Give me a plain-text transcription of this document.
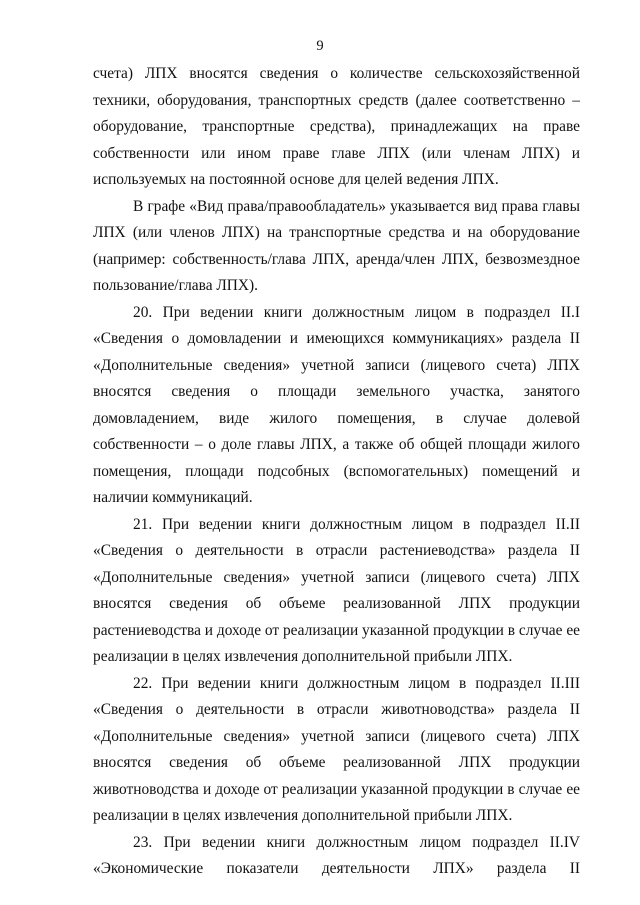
9

счета) ЛПХ вносятся сведения о количестве сельскохозяйственной техники, оборудования, транспортных средств (далее соответственно – оборудование, транспортные средства), принадлежащих на праве собственности или ином праве главе ЛПХ (или членам ЛПХ) и используемых на постоянной основе для целей ведения ЛПХ.

В графе «Вид права/правообладатель» указывается вид права главы ЛПХ (или членов ЛПХ) на транспортные средства и на оборудование (например: собственность/глава ЛПХ, аренда/член ЛПХ, безвозмездное пользование/глава ЛПХ).

20. При ведении книги должностным лицом в подраздел II.I «Сведения о домовладении и имеющихся коммуникациях» раздела II «Дополнительные сведения» учетной записи (лицевого счета) ЛПХ вносятся сведения о площади земельного участка, занятого домовладением, виде жилого помещения, в случае долевой собственности – о доле главы ЛПХ, а также об общей площади жилого помещения, площади подсобных (вспомогательных) помещений и наличии коммуникаций.

21. При ведении книги должностным лицом в подраздел II.II «Сведения о деятельности в отрасли растениеводства» раздела II «Дополнительные сведения» учетной записи (лицевого счета) ЛПХ вносятся сведения об объеме реализованной ЛПХ продукции растениеводства и доходе от реализации указанной продукции в случае ее реализации в целях извлечения дополнительной прибыли ЛПХ.

22. При ведении книги должностным лицом в подраздел II.III «Сведения о деятельности в отрасли животноводства» раздела II «Дополнительные сведения» учетной записи (лицевого счета) ЛПХ вносятся сведения об объеме реализованной ЛПХ продукции животноводства и доходе от реализации указанной продукции в случае ее реализации в целях извлечения дополнительной прибыли ЛПХ.

23. При ведении книги должностным лицом подраздел II.IV «Экономические показатели деятельности ЛПХ» раздела II
